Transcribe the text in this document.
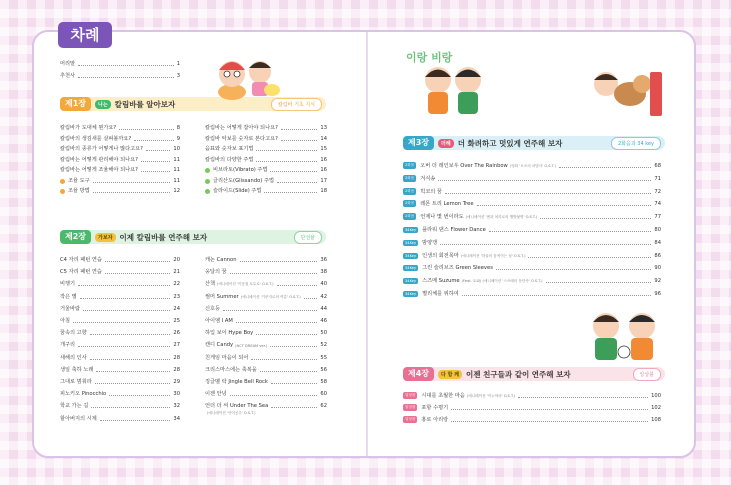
차례
제1장	나는 칼림바를 알아보자	칼림바 기초 지식
제2장	가보자 이제 칼림바를 연주해 보자	단선율
제3장	더해 더 화려하고 멋있게 연주해 보자	2화음과 34 key
제4장	다 함 께 이젠 친구들과 같이 연주해 보자	앙상블
머리말	1
추천사	3
칼림바가 도대체 뭔가요?	8
칼림바의 생김새를 살펴볼까요?	9
칼림바의 종류가 어떻게나 많다고요?	10
칼림바는 어떻게 관리해야 되나요?	11
칼림바는 어떻게 조율해야 되나요?	11
조율 도구	11
조율 방법	12
칼림바는 어떻게 잡아야 되나요?	13
칼림바 악보를 숫자로 본다고요?	14
음표와 숫자보 표기법	15
칼림바의 다양한 주법	16
비브라토(Vibrato) 주법	16
글리산도(Glissando) 주법	17
슬라이드(Slide) 주법	18
C4 자리 패턴 연습	20
C5 자리 패턴 연습	21
비행기	22
작은 별	23
거울바람	24
아침	25
꿈속의 고향	26
개구리	27
새해의 인사	28
생일 축하 노래	28
그대로 멈춰라	29
피노키오 Pinocchio	30
학교 가는 길	32
할아버지의 시계	34
캐논 Cannon	36
옹달의 꿈	38
산책 (애니메이션 '이웃집 토토로' O.S.T.)	40
썸머 Summer (애니메이션 '기쿠지로의 여름' O.S.T.)	42
신호등	44
아이엠 I AM	46
하입 보이 Hype Boy	50
캔디 Candy (NCT DREAM ver.)	52
친게임 마음이 되어	55
크리스마스에는 축복을	56
징글벨 락 Jingle Bell Rock	58
이젠 안녕	60
언더 더 씨 Under The Sea	62
(애니메이션 '인어공주' O.S.T.)
2화음	오버 더 레인보우 Over The Rainbow (영화 '오즈의 마법사' O.S.T.)	68
2화음	겨식송	71
2화음	빅코의 꿈	72
2화음	레몬 트리 Lemon Tree	74
2화음	언제나 몇 번이라도 (애니메이션 '센과 치히로의 행방불명' O.S.T.)	77
34Key	플라워 댄스 Flower Dance	80
34Key	밤양갱	84
34Key	인생의 회전목마 (애니메이션 '하울의 움직이는 성' O.S.T.)	86
34Key	그린 슬리브즈 Green Sleeves	90
34Key	스즈메 Suzume (Feat. 토와) (애니메이션 '스즈메의 문단속' O.S.T.)	92
34Key	별리체를 위하여	96
앙상블	시대를 초월한 마음 (애니메이션 '이누야샤' O.S.T.)	100
앙상블	포항 수평기	102
앙상블	홍로 아리랑	108
이랑 비랑
